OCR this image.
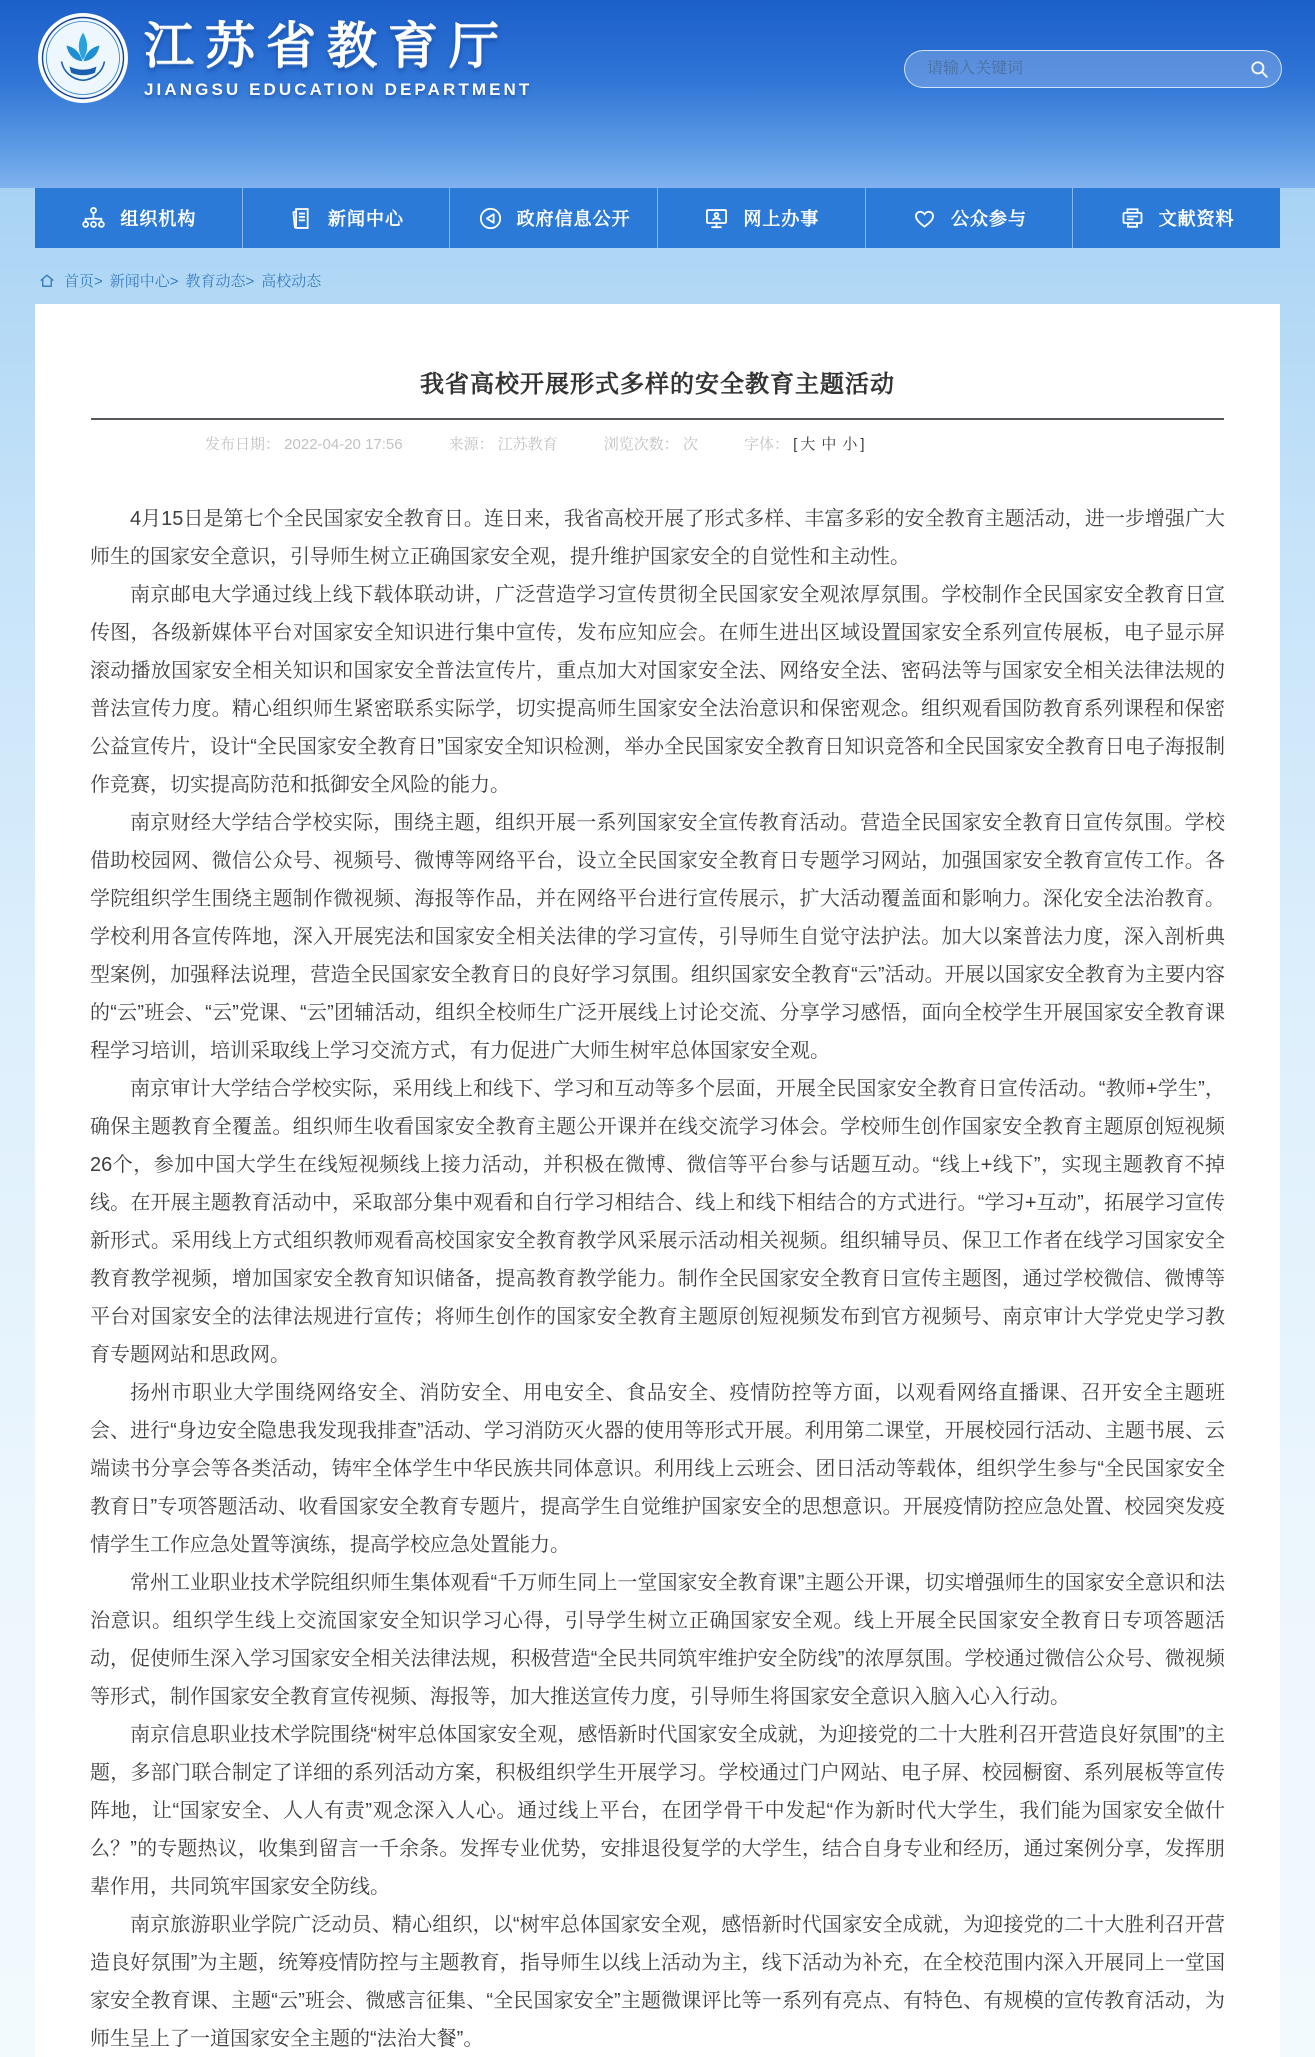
江苏省教育厅
JIANGSU EDUCATION DEPARTMENT
请输入关键词
组织机构	新闻中心	政府信息公开	网上办事	公众参与	文献资料
首页> 新闻中心> 教育动态> 高校动态
我省高校开展形式多样的安全教育主题活动
发布日期： 2022-04-20 17:56	来源： 江苏教育	浏览次数： 次	字体： [ 大 中 小 ]

4月15日是第七个全民国家安全教育日。连日来，我省高校开展了形式多样、丰富多彩的安全教育主题活动，进一步增强广大师生的国家安全意识，引导师生树立正确国家安全观，提升维护国家安全的自觉性和主动性。

南京邮电大学通过线上线下载体联动讲，广泛营造学习宣传贯彻全民国家安全观浓厚氛围。学校制作全民国家安全教育日宣传图，各级新媒体平台对国家安全知识进行集中宣传，发布应知应会。在师生进出区域设置国家安全系列宣传展板，电子显示屏滚动播放国家安全相关知识和国家安全普法宣传片，重点加大对国家安全法、网络安全法、密码法等与国家安全相关法律法规的普法宣传力度。精心组织师生紧密联系实际学，切实提高师生国家安全法治意识和保密观念。组织观看国防教育系列课程和保密公益宣传片，设计“全民国家安全教育日”国家安全知识检测，举办全民国家安全教育日知识竞答和全民国家安全教育日电子海报制作竞赛，切实提高防范和抵御安全风险的能力。

南京财经大学结合学校实际，围绕主题，组织开展一系列国家安全宣传教育活动。营造全民国家安全教育日宣传氛围。学校借助校园网、微信公众号、视频号、微博等网络平台，设立全民国家安全教育日专题学习网站，加强国家安全教育宣传工作。各学院组织学生围绕主题制作微视频、海报等作品，并在网络平台进行宣传展示，扩大活动覆盖面和影响力。深化安全法治教育。学校利用各宣传阵地，深入开展宪法和国家安全相关法律的学习宣传，引导师生自觉守法护法。加大以案普法力度，深入剖析典型案例，加强释法说理，营造全民国家安全教育日的良好学习氛围。组织国家安全教育“云”活动。开展以国家安全教育为主要内容的“云”班会、“云”党课、“云”团辅活动，组织全校师生广泛开展线上讨论交流、分享学习感悟，面向全校学生开展国家安全教育课程学习培训，培训采取线上学习交流方式，有力促进广大师生树牢总体国家安全观。

南京审计大学结合学校实际，采用线上和线下、学习和互动等多个层面，开展全民国家安全教育日宣传活动。“教师+学生”，确保主题教育全覆盖。组织师生收看国家安全教育主题公开课并在线交流学习体会。学校师生创作国家安全教育主题原创短视频26个，参加中国大学生在线短视频线上接力活动，并积极在微博、微信等平台参与话题互动。“线上+线下”，实现主题教育不掉线。在开展主题教育活动中，采取部分集中观看和自行学习相结合、线上和线下相结合的方式进行。“学习+互动”，拓展学习宣传新形式。采用线上方式组织教师观看高校国家安全教育教学风采展示活动相关视频。组织辅导员、保卫工作者在线学习国家安全教育教学视频，增加国家安全教育知识储备，提高教育教学能力。制作全民国家安全教育日宣传主题图，通过学校微信、微博等平台对国家安全的法律法规进行宣传；将师生创作的国家安全教育主题原创短视频发布到官方视频号、南京审计大学党史学习教育专题网站和思政网。

扬州市职业大学围绕网络安全、消防安全、用电安全、食品安全、疫情防控等方面，以观看网络直播课、召开安全主题班会、进行“身边安全隐患我发现我排查”活动、学习消防灭火器的使用等形式开展。利用第二课堂，开展校园行活动、主题书展、云端读书分享会等各类活动，铸牢全体学生中华民族共同体意识。利用线上云班会、团日活动等载体，组织学生参与“全民国家安全教育日”专项答题活动、收看国家安全教育专题片，提高学生自觉维护国家安全的思想意识。开展疫情防控应急处置、校园突发疫情学生工作应急处置等演练，提高学校应急处置能力。

常州工业职业技术学院组织师生集体观看“千万师生同上一堂国家安全教育课”主题公开课，切实增强师生的国家安全意识和法治意识。组织学生线上交流国家安全知识学习心得，引导学生树立正确国家安全观。线上开展全民国家安全教育日专项答题活动，促使师生深入学习国家安全相关法律法规，积极营造“全民共同筑牢维护安全防线”的浓厚氛围。学校通过微信公众号、微视频等形式，制作国家安全教育宣传视频、海报等，加大推送宣传力度，引导师生将国家安全意识入脑入心入行动。

南京信息职业技术学院围绕“树牢总体国家安全观，感悟新时代国家安全成就，为迎接党的二十大胜利召开营造良好氛围”的主题，多部门联合制定了详细的系列活动方案，积极组织学生开展学习。学校通过门户网站、电子屏、校园橱窗、系列展板等宣传阵地，让“国家安全、人人有责”观念深入人心。通过线上平台，在团学骨干中发起“作为新时代大学生，我们能为国家安全做什么？”的专题热议，收集到留言一千余条。发挥专业优势，安排退役复学的大学生，结合自身专业和经历，通过案例分享，发挥朋辈作用，共同筑牢国家安全防线。

南京旅游职业学院广泛动员、精心组织，以“树牢总体国家安全观，感悟新时代国家安全成就，为迎接党的二十大胜利召开营造良好氛围”为主题，统筹疫情防控与主题教育，指导师生以线上活动为主，线下活动为补充，在全校范围内深入开展同上一堂国家安全教育课、主题“云”班会、微感言征集、“全民国家安全”主题微课评比等一系列有亮点、有特色、有规模的宣传教育活动，为师生呈上了一道国家安全主题的“法治大餐”。
